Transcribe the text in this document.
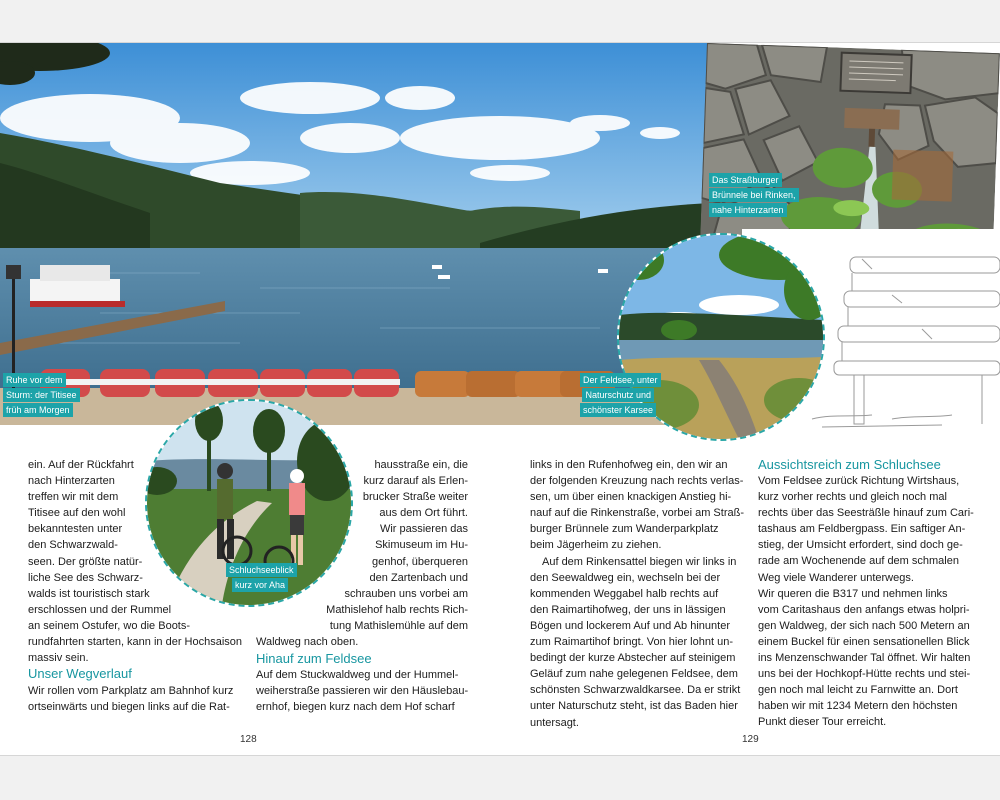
Ruhe vor dem
Sturm: der Titisee
früh am Morgen
Das Straßburger
Brünnele bei Rinken,
nahe Hinterzarten
Der Feldsee, unter
Naturschutz und
schönster Karsee
Schluchseeblick
kurz vor Aha
ein. Auf der Rückfahrt
nach Hinterzarten
treffen wir mit dem
Titisee auf den wohl
bekanntesten unter
den Schwarzwald-
seen. Der größte natür-
liche See des Schwarz-
walds ist touristisch stark
erschlossen und der Rummel
an seinem Ostufer, wo die Boots-
rundfahrten starten, kann in der Hochsaison
massiv sein.
Unser Wegverlauf
Wir rollen vom Parkplatz am Bahnhof kurz
ortseinwärts und biegen links auf die Rat-
hausstraße ein, die
kurz darauf als Erlen-
brucker Straße weiter
aus dem Ort führt.
Wir passieren das
Skimuseum im Hu-
genhof, überqueren
den Zartenbach und
schrauben uns vorbei am
Mathislehof halb rechts Rich-
tung Mathislemühle auf dem
Waldweg nach oben.
Hinauf zum Feldsee
Auf dem Stuckwaldweg und der Hummel-
weiherstraße passieren wir den Häuslebau-
ernhof, biegen kurz nach dem Hof scharf
128
links in den Rufenhofweg ein, den wir an
der folgenden Kreuzung nach rechts verlas-
sen, um über einen knackigen Anstieg hi-
nauf auf die Rinkenstraße, vorbei am Straß-
burger Brünnele zum Wanderparkplatz
beim Jägerheim zu ziehen.
Auf dem Rinkensattel biegen wir links in
den Seewaldweg ein, wechseln bei der
kommenden Weggabel halb rechts auf
den Raimartihofweg, der uns in lässigen
Bögen und lockerem Auf und Ab hinunter
zum Raimartihof bringt. Von hier lohnt un-
bedingt der kurze Abstecher auf steinigem
Geläuf zum nahe gelegenen Feldsee, dem
schönsten Schwarzwaldkarsee. Da er strikt
unter Naturschutz steht, ist das Baden hier
untersagt.
Aussichtsreich zum Schluchsee
Vom Feldsee zurück Richtung Wirtshaus,
kurz vorher rechts und gleich noch mal
rechts über das Seesträßle hinauf zum Cari-
tashaus am Feldbergpass. Ein saftiger An-
stieg, der Umsicht erfordert, sind doch ge-
rade am Wochenende auf dem schmalen
Weg viele Wanderer unterwegs.
Wir queren die B317 und nehmen links
vom Caritashaus den anfangs etwas holpri-
gen Waldweg, der sich nach 500 Metern an
einem Buckel für einen sensationellen Blick
ins Menzenschwander Tal öffnet. Wir halten
uns bei der Hochkopf-Hütte rechts und stei-
gen noch mal leicht zu Farnwitte an. Dort
haben wir mit 1234 Metern den höchsten
Punkt dieser Tour erreicht.
129
